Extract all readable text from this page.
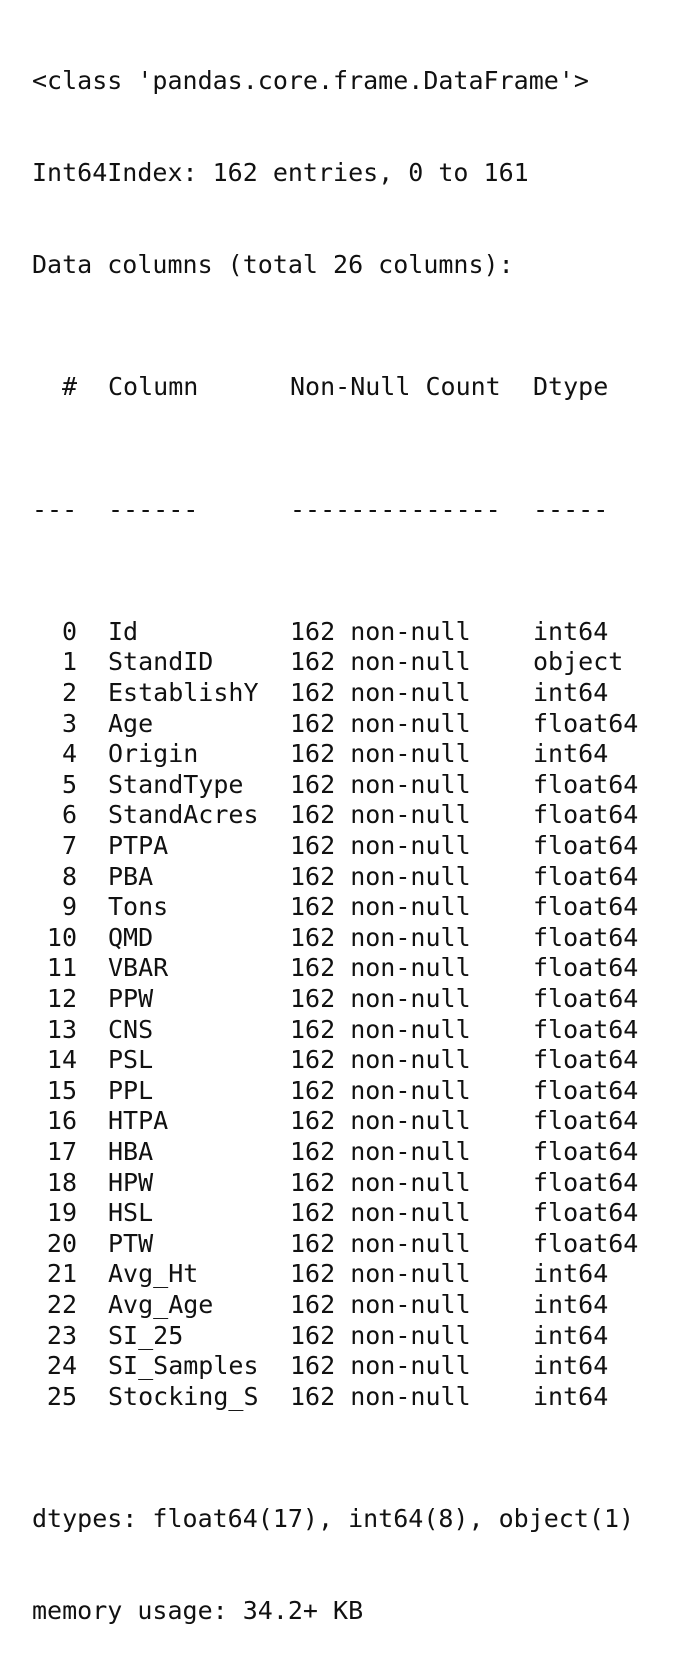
<class 'pandas.core.frame.DataFrame'>

Int64Index: 162 entries, 0 to 161

Data columns (total 26 columns):

# Column	Non-Null Count Dtype

--- ------	-------------- -----

0 Id	162 non-null int64
1 StandID	162 non-null object
2 EstablishY 162 non-null int64
3 Age	162 non-null float64
4 Origin	162 non-null int64
5 StandType 162 non-null float64
6 StandAcres 162 non-null float64
7 PTPA	162 non-null float64
8 PBA	162 non-null float64
9 Tons	162 non-null float64
10 QMD	162 non-null float64
11 VBAR	162 non-null float64
12 PPW	162 non-null float64
13 CNS	162 non-null float64
14 PSL	162 non-null float64
15 PPL	162 non-null float64
16 HTPA	162 non-null float64
17 HBA	162 non-null float64
18 HPW	162 non-null float64
19 HSL	162 non-null float64
20 PTW	162 non-null float64
21 Avg_Ht	162 non-null int64
22 Avg_Age	162 non-null int64
23 SI_25	162 non-null int64
24 SI_Samples 162 non-null int64
25 Stocking_S 162 non-null int64

dtypes: float64(17), int64(8), object(1)

memory usage: 34.2+ KB
